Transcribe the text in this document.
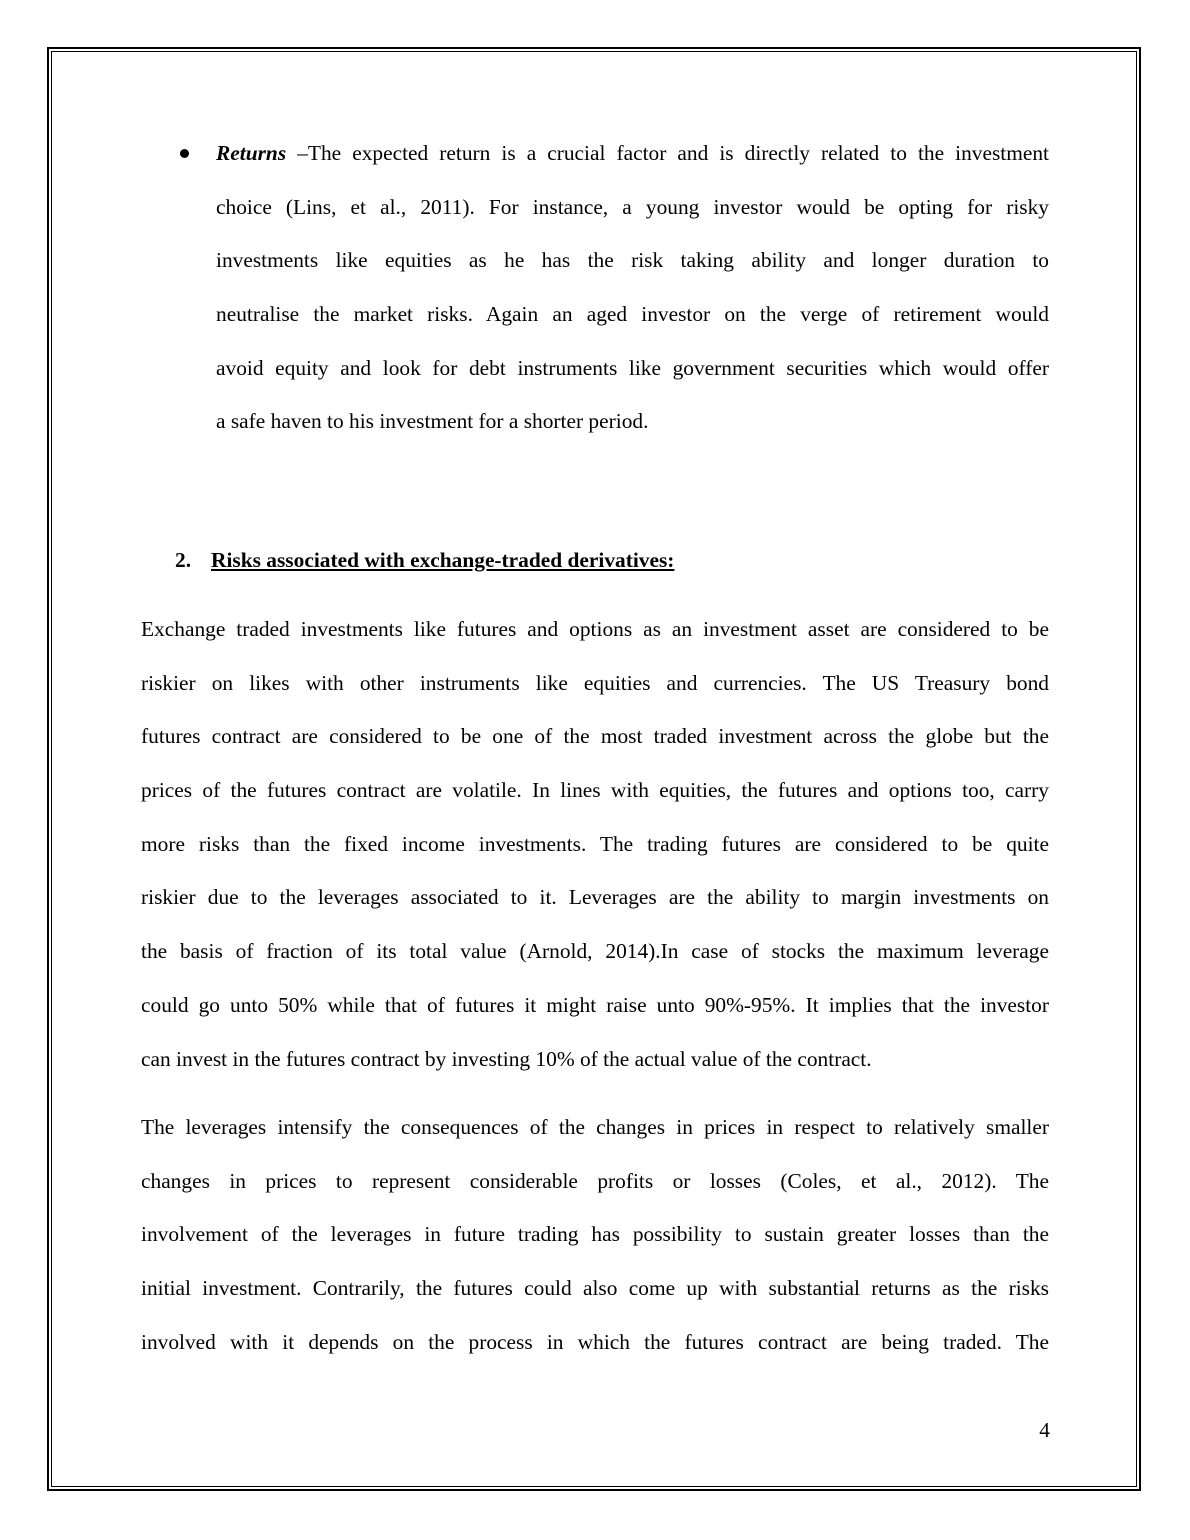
Returns –The expected return is a crucial factor and is directly related to the investment
choice (Lins, et al., 2011). For instance, a young investor would be opting for risky
investments like equities as he has the risk taking ability and longer duration to
neutralise the market risks. Again an aged investor on the verge of retirement would
avoid equity and look for debt instruments like government securities which would offer
a safe haven to his investment for a shorter period.
2. Risks associated with exchange-traded derivatives:
Exchange traded investments like futures and options as an investment asset are considered to be
riskier on likes with other instruments like equities and currencies. The US Treasury bond
futures contract are considered to be one of the most traded investment across the globe but the
prices of the futures contract are volatile. In lines with equities, the futures and options too, carry
more risks than the fixed income investments. The trading futures are considered to be quite
riskier due to the leverages associated to it. Leverages are the ability to margin investments on
the basis of fraction of its total value (Arnold, 2014).In case of stocks the maximum leverage
could go unto 50% while that of futures it might raise unto 90%-95%. It implies that the investor
can invest in the futures contract by investing 10% of the actual value of the contract.
The leverages intensify the consequences of the changes in prices in respect to relatively smaller
changes in prices to represent considerable profits or losses (Coles, et al., 2012). The
involvement of the leverages in future trading has possibility to sustain greater losses than the
initial investment. Contrarily, the futures could also come up with substantial returns as the risks
involved with it depends on the process in which the futures contract are being traded. The
4
